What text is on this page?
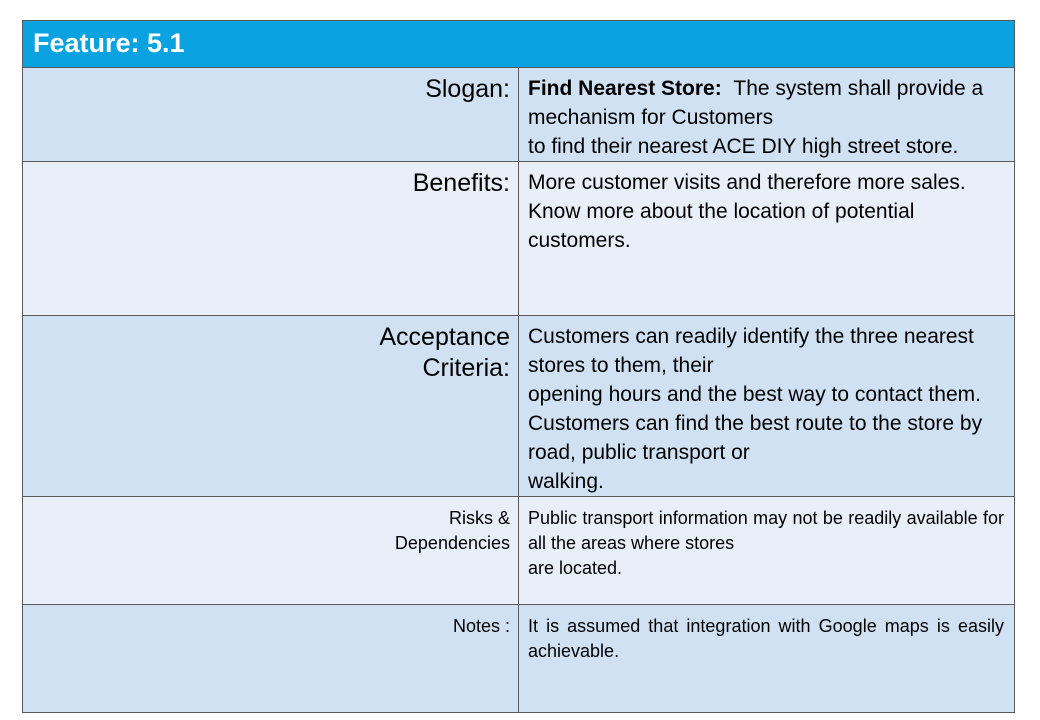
Feature: 5.1	
Slogan:	Find Nearest Store: The system shall provide a mechanism for Customers
to find their nearest ACE DIY high street store.

Benefits:	More customer visits and therefore more sales.
Know more about the location of potential customers.

Acceptance
Criteria:	Customers can readily identify the three nearest stores to them, their
opening hours and the best way to contact them.
Customers can find the best route to the store by road, public transport or
walking.

Risks &
Dependencies	Public transport information may not be readily available for all the areas where stores
are located.

Notes :	It is assumed that integration with Google maps is easily achievable.
